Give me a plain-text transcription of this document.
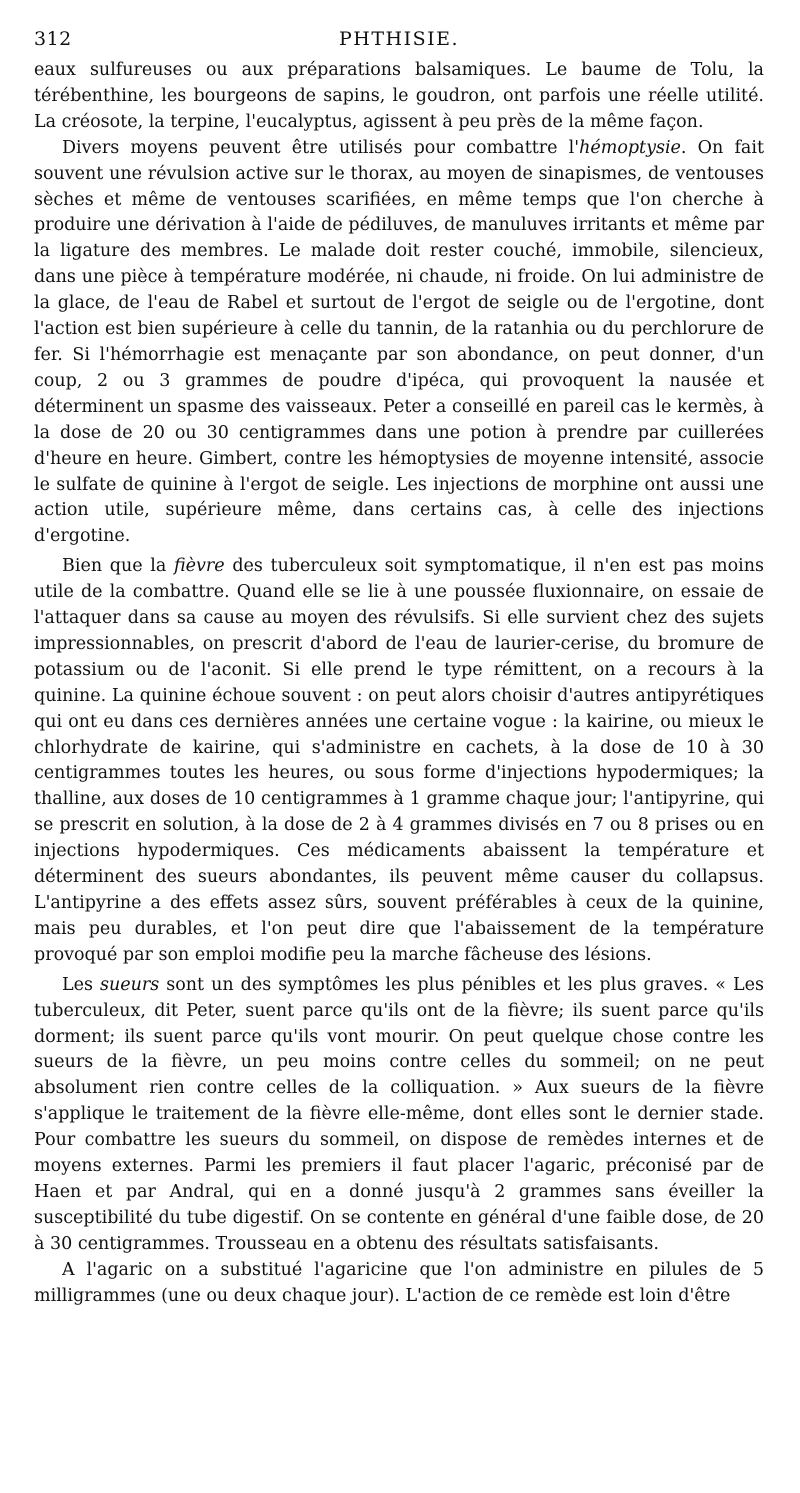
312	PHTHISIE.

eaux sulfureuses ou aux préparations balsamiques. Le baume de Tolu, la térébenthine, les bourgeons de sapins, le goudron, ont parfois une réelle utilité. La créosote, la terpine, l'eucalyptus, agissent à peu près de la même façon.

Divers moyens peuvent être utilisés pour combattre l'hémoptysie. On fait souvent une révulsion active sur le thorax, au moyen de sinapismes, de ventouses sèches et même de ventouses scarifiées, en même temps que l'on cherche à produire une dérivation à l'aide de pédiluves, de manuluves irritants et même par la ligature des membres. Le malade doit rester couché, immobile, silencieux, dans une pièce à température modérée, ni chaude, ni froide. On lui administre de la glace, de l'eau de Rabel et surtout de l'ergot de seigle ou de l'ergotine, dont l'action est bien supérieure à celle du tannin, de la ratanhia ou du perchlorure de fer. Si l'hémorrhagie est menaçante par son abondance, on peut donner, d'un coup, 2 ou 3 grammes de poudre d'ipéca, qui provoquent la nausée et déterminent un spasme des vaisseaux. Peter a conseillé en pareil cas le kermès, à la dose de 20 ou 30 centigrammes dans une potion à prendre par cuillerées d'heure en heure. Gimbert, contre les hémoptysies de moyenne intensité, associe le sulfate de quinine à l'ergot de seigle. Les injections de morphine ont aussi une action utile, supérieure même, dans certains cas, à celle des injections d'ergotine.

Bien que la fièvre des tuberculeux soit symptomatique, il n'en est pas moins utile de la combattre. Quand elle se lie à une poussée fluxionnaire, on essaie de l'attaquer dans sa cause au moyen des révulsifs. Si elle survient chez des sujets impressionnables, on prescrit d'abord de l'eau de laurier-cerise, du bromure de potassium ou de l'aconit. Si elle prend le type rémittent, on a recours à la quinine. La quinine échoue souvent : on peut alors choisir d'autres antipyrétiques qui ont eu dans ces dernières années une certaine vogue : la kairine, ou mieux le chlorhydrate de kairine, qui s'administre en cachets, à la dose de 10 à 30 centigrammes toutes les heures, ou sous forme d'injections hypodermiques; la thalline, aux doses de 10 centigrammes à 1 gramme chaque jour; l'antipyrine, qui se prescrit en solution, à la dose de 2 à 4 grammes divisés en 7 ou 8 prises ou en injections hypodermiques. Ces médicaments abaissent la température et déterminent des sueurs abondantes, ils peuvent même causer du collapsus. L'antipyrine a des effets assez sûrs, souvent préférables à ceux de la quinine, mais peu durables, et l'on peut dire que l'abaissement de la température provoqué par son emploi modifie peu la marche fâcheuse des lésions.

Les sueurs sont un des symptômes les plus pénibles et les plus graves. « Les tuberculeux, dit Peter, suent parce qu'ils ont de la fièvre; ils suent parce qu'ils dorment; ils suent parce qu'ils vont mourir. On peut quelque chose contre les sueurs de la fièvre, un peu moins contre celles du sommeil; on ne peut absolument rien contre celles de la colliquation. » Aux sueurs de la fièvre s'applique le traitement de la fièvre elle-même, dont elles sont le dernier stade. Pour combattre les sueurs du sommeil, on dispose de remèdes internes et de moyens externes. Parmi les premiers il faut placer l'agaric, préconisé par de Haen et par Andral, qui en a donné jusqu'à 2 grammes sans éveiller la susceptibilité du tube digestif. On se contente en général d'une faible dose, de 20 à 30 centigrammes. Trousseau en a obtenu des résultats satisfaisants.

A l'agaric on a substitué l'agaricine que l'on administre en pilules de 5 milligrammes (une ou deux chaque jour). L'action de ce remède est loin d'être
